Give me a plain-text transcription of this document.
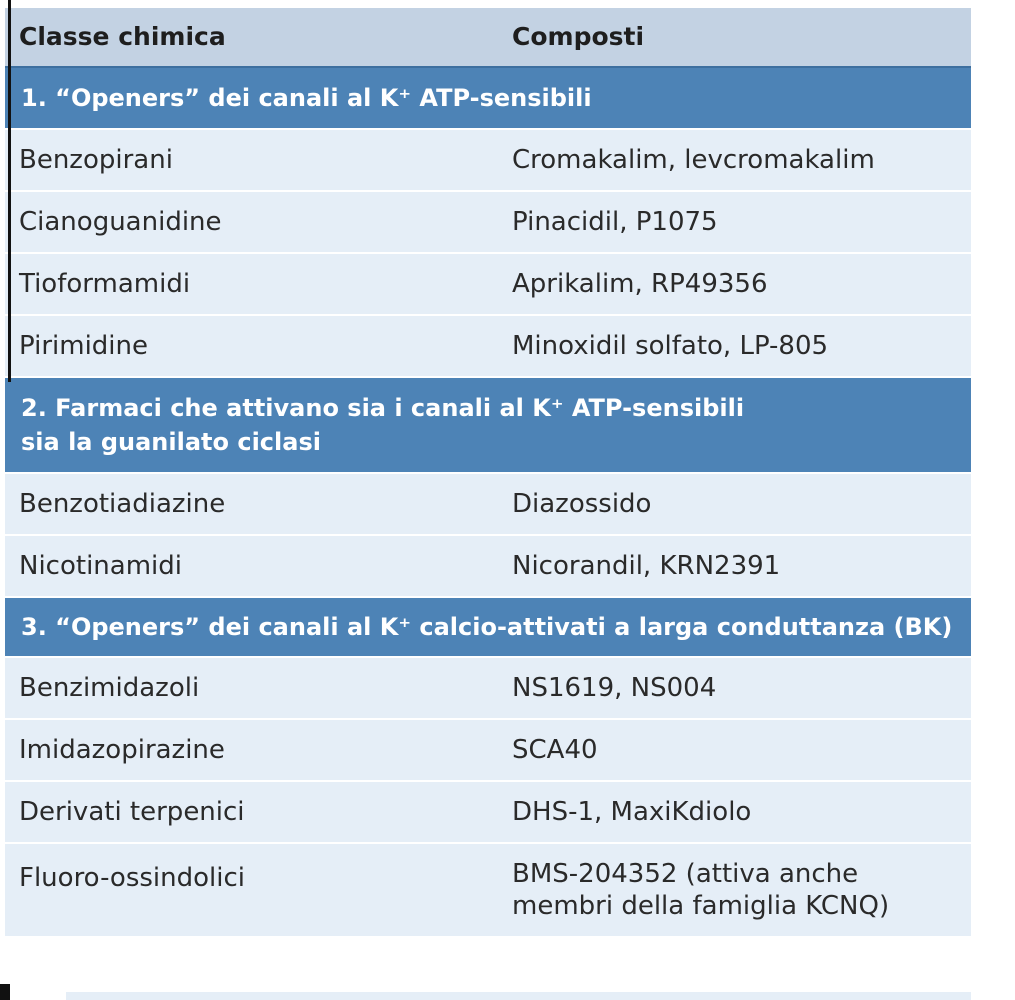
Classe chimica	Composti
1. “Openers” dei canali al K⁺ ATP-sensibili
Benzopirani	Cromakalim, levcromakalim
Cianoguanidine	Pinacidil, P1075
Tioformamidi	Aprikalim, RP49356
Pirimidine	Minoxidil solfato, LP-805
2. Farmaci che attivano sia i canali al K⁺ ATP-sensibili
sia la guanilato ciclasi
Benzotiadiazine	Diazossido
Nicotinamidi	Nicorandil, KRN2391
3. “Openers” dei canali al K⁺ calcio-attivati a larga conduttanza (BK)
Benzimidazoli	NS1619, NS004
Imidazopirazine	SCA40
Derivati terpenici	DHS-1, MaxiKdiolo
Fluoro-ossindolici	BMS-204352 (attiva anche
membri della famiglia KCNQ)
